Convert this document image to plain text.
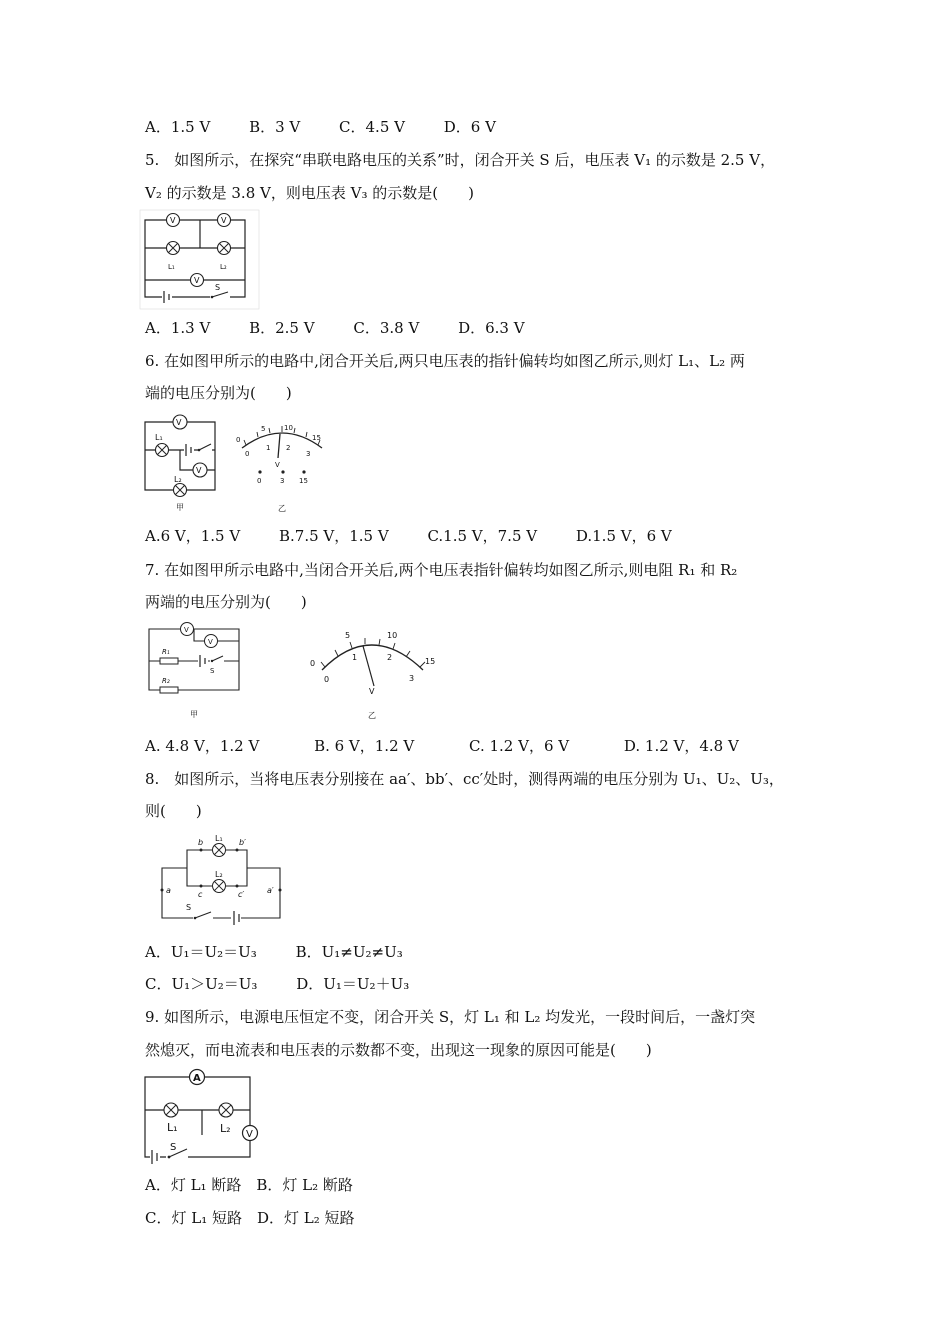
A．1.5 V	B．3 V	C．4.5 V	D．6 V
5.　如图所示，在探究“串联电路电压的关系”时，闭合开关 S 后，电压表 V₁ 的示数是 2.5 V，
V₂ 的示数是 3.8 V，则电压表 V₃ 的示数是(　　)
V	V
L₁	L₂
V
S
A．1.3 V	B．2.5 V	C．3.8 V	D．6.3 V
6. 在如图甲所示的电路中,闭合开关后,两只电压表的指针偏转均如图乙所示,则灯 L₁、L₂ 两
端的电压分别为(　　)
V
L₁
V
L₂
甲
0
5	10
15
0
1 2
3
V
0	3 15
乙
A.6 V，1.5 V	B.7.5 V，1.5 V	C.1.5 V，7.5 V	D.1.5 V，6 V
7. 在如图甲所示电路中,当闭合开关后,两个电压表指针偏转均如图乙所示,则电阻 R₁ 和 R₂
两端的电压分别为(　　)
V
V
R₁
S
R₂
甲
0
5	10
15
0
1	2
3
V
乙
A. 4.8 V，1.2 V	B. 6 V，1.2 V	C. 1.2 V，6 V	D. 1.2 V，4.8 V
8.　如图所示，当将电压表分别接在 aa′、bb′、cc′处时，测得两端的电压分别为 U₁、U₂、U₃，
则(　　)
L₁
L₂
b	b′
c	c′
a	a′
S
A．U₁＝U₂＝U₃	B．U₁≠U₂≠U₃
C．U₁＞U₂＝U₃	D．U₁＝U₂＋U₃
9. 如图所示，电源电压恒定不变，闭合开关 S，灯 L₁ 和 L₂ 均发光，一段时间后，一盏灯突
然熄灭，而电流表和电压表的示数都不变，出现这一现象的原因可能是(　　)
A
L₁	L₂ V
S
A．灯 L₁ 断路　B．灯 L₂ 断路
C．灯 L₁ 短路　D．灯 L₂ 短路
